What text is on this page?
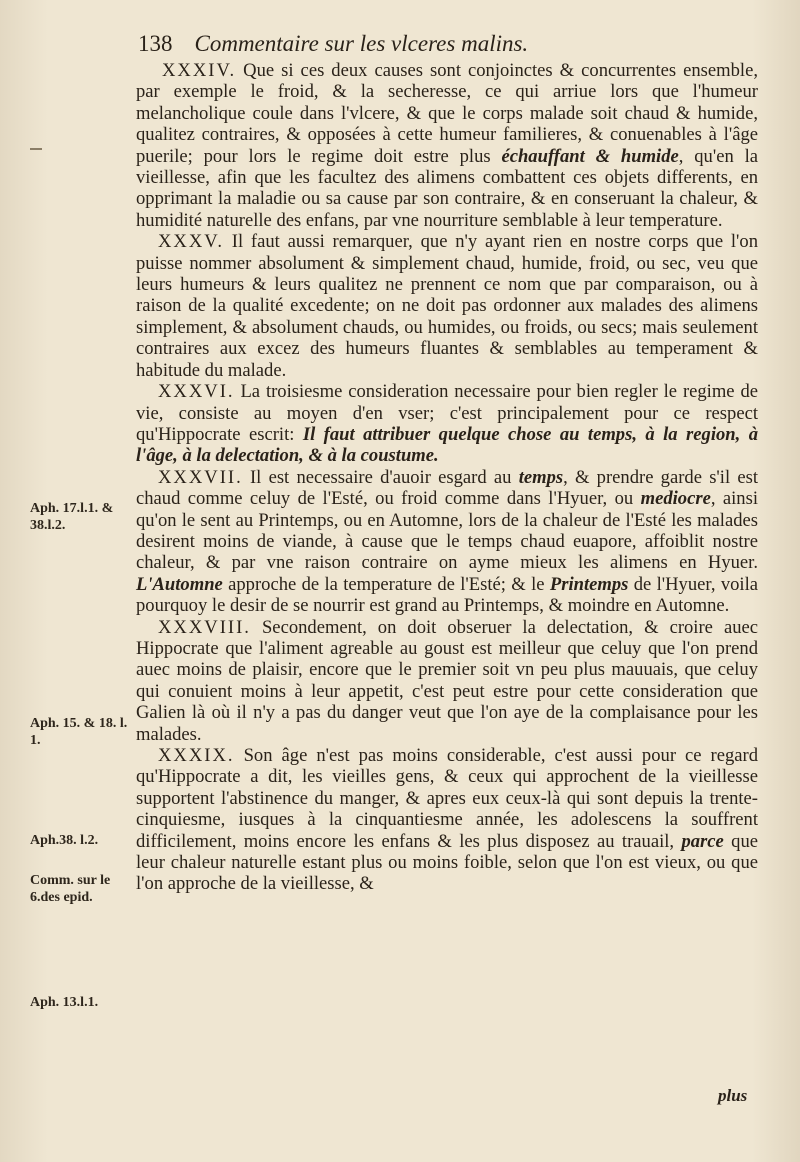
138 Commentaire sur les vlceres malins.
Aph. 17.l.1. & 38.l.2.
Aph. 15. & 18. l. 1.
Aph.38. l.2.
Comm. sur le 6.des epid.
Aph. 13.l.1.

XXXIV. Que si ces deux causes sont conjoinctes & concurrentes ensemble, par exemple le froid, & la secheresse, ce qui arriue lors que l'humeur melancholique coule dans l'vlcere, & que le corps malade soit chaud & humide, qualitez contraires, & opposées à cette humeur familieres, & conuenables à l'âge puerile; pour lors le regime doit estre plus échauffant & humide, qu'en la vieillesse, afin que les facultez des alimens combattent ces objets differents, en opprimant la maladie ou sa cause par son contraire, & en conseruant la chaleur, & humidité naturelle des enfans, par vne nourriture semblable à leur temperature.

XXXV. Il faut aussi remarquer, que n'y ayant rien en nostre corps que l'on puisse nommer absolument & simplement chaud, humide, froid, ou sec, veu que leurs humeurs & leurs qualitez ne prennent ce nom que par comparaison, ou à raison de la qualité excedente; on ne doit pas ordonner aux malades des alimens simplement, & absolument chauds, ou humides, ou froids, ou secs; mais seulement contraires aux excez des humeurs fluantes & semblables au temperament & habitude du malade.

XXXVI. La troisiesme consideration necessaire pour bien regler le regime de vie, consiste au moyen d'en vser; c'est principalement pour ce respect qu'Hippocrate escrit: Il faut attribuer quelque chose au temps, à la region, à l'âge, à la delectation, & à la coustume.

XXXVII. Il est necessaire d'auoir esgard au temps, & prendre garde s'il est chaud comme celuy de l'Esté, ou froid comme dans l'Hyuer, ou mediocre, ainsi qu'on le sent au Printemps, ou en Automne, lors de la chaleur de l'Esté les malades desirent moins de viande, à cause que le temps chaud euapore, affoiblit nostre chaleur, & par vne raison contraire on ayme mieux les alimens en Hyuer. L'Automne approche de la temperature de l'Esté; & le Printemps de l'Hyuer, voila pourquoy le desir de se nourrir est grand au Printemps, & moindre en Automne.

XXXVIII. Secondement, on doit obseruer la delectation, & croire auec Hippocrate que l'aliment agreable au goust est meilleur que celuy que l'on prend auec moins de plaisir, encore que le premier soit vn peu plus mauuais, que celuy qui conuient moins à leur appetit, c'est peut estre pour cette consideration que Galien là où il n'y a pas du danger veut que l'on aye de la complaisance pour les malades.

XXXIX. Son âge n'est pas moins considerable, c'est aussi pour ce regard qu'Hippocrate a dit, les vieilles gens, & ceux qui approchent de la vieillesse supportent l'abstinence du manger, & apres eux ceux-là qui sont depuis la trente-cinquiesme, iusques à la cinquantiesme année, les adolescens la souffrent difficilement, moins encore les enfans & les plus disposez au trauail, parce que leur chaleur naturelle estant plus ou moins foible, selon que l'on est vieux, ou que l'on approche de la vieillesse, &

plus
